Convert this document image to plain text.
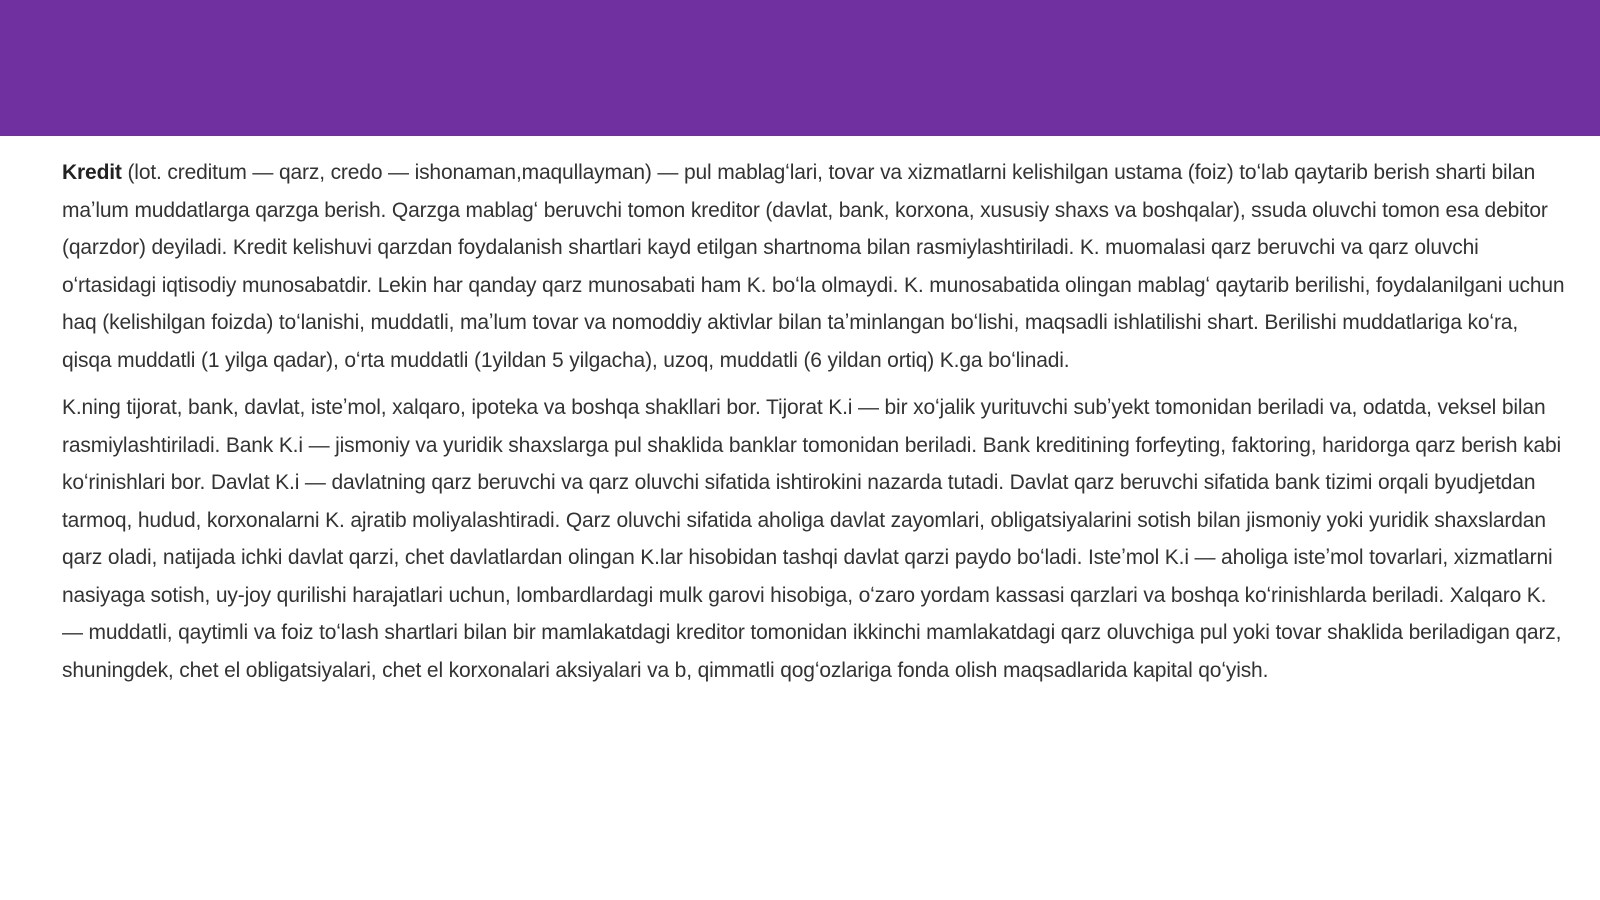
Kredit (lot. creditum — qarz, credo — ishonaman,maqullayman) — pul mablagʻlari, tovar va xizmatlarni kelishilgan ustama (foiz) toʻlab qaytarib berish sharti bilan maʼlum muddatlarga qarzga berish. Qarzga mablagʻ beruvchi tomon kreditor (davlat, bank, korxona, xususiy shaxs va boshqalar), ssuda oluvchi tomon esa debitor (qarzdor) deyiladi. Kredit kelishuvi qarzdan foydalanish shartlari kayd etilgan shartnoma bilan rasmiylashtiriladi. K. muomalasi qarz beruvchi va qarz oluvchi oʻrtasidagi iqtisodiy munosabatdir. Lekin har qanday qarz munosabati ham K. boʻla olmaydi. K. munosabatida olingan mablagʻ qaytarib berilishi, foydalanilgani uchun haq (kelishilgan foizda) toʻlanishi, muddatli, maʼlum tovar va nomoddiy aktivlar bilan taʼminlangan boʻlishi, maqsadli ishlatilishi shart. Berilishi muddatlariga koʻra, qisqa muddatli (1 yilga qadar), oʻrta muddatli (1yildan 5 yilgacha), uzoq, muddatli (6 yildan ortiq) K.ga boʻlinadi.

K.ning tijorat, bank, davlat, isteʼmol, xalqaro, ipoteka va boshqa shakllari bor. Tijorat K.i — bir xoʻjalik yurituvchi subʼyekt tomonidan beriladi va, odatda, veksel bilan rasmiylashtiriladi. Bank K.i — jismoniy va yuridik shaxslarga pul shaklida banklar tomonidan beriladi. Bank kreditining forfeyting, faktoring, haridorga qarz berish kabi koʻrinishlari bor. Davlat K.i — davlatning qarz beruvchi va qarz oluvchi sifatida ishtirokini nazarda tutadi. Davlat qarz beruvchi sifatida bank tizimi orqali byudjetdan tarmoq, hudud, korxonalarni K. ajratib moliyalashtiradi. Qarz oluvchi sifatida aholiga davlat zayomlari, obligatsiyalarini sotish bilan jismoniy yoki yuridik shaxslardan qarz oladi, natijada ichki davlat qarzi, chet davlatlardan olingan K.lar hisobidan tashqi davlat qarzi paydo boʻladi. Isteʼmol K.i — aholiga isteʼmol tovarlari, xizmatlarni nasiyaga sotish, uy-joy qurilishi harajatlari uchun, lombardlardagi mulk garovi hisobiga, oʻzaro yordam kassasi qarzlari va boshqa koʻrinishlarda beriladi. Xalqaro K. — muddatli, qaytimli va foiz toʻlash shartlari bilan bir mamlakatdagi kreditor tomonidan ikkinchi mamlakatdagi qarz oluvchiga pul yoki tovar shaklida beriladigan qarz, shuningdek, chet el obligatsiyalari, chet el korxonalari aksiyalari va b, qimmatli qogʻozlariga fonda olish maqsadlarida kapital qoʻyish.
